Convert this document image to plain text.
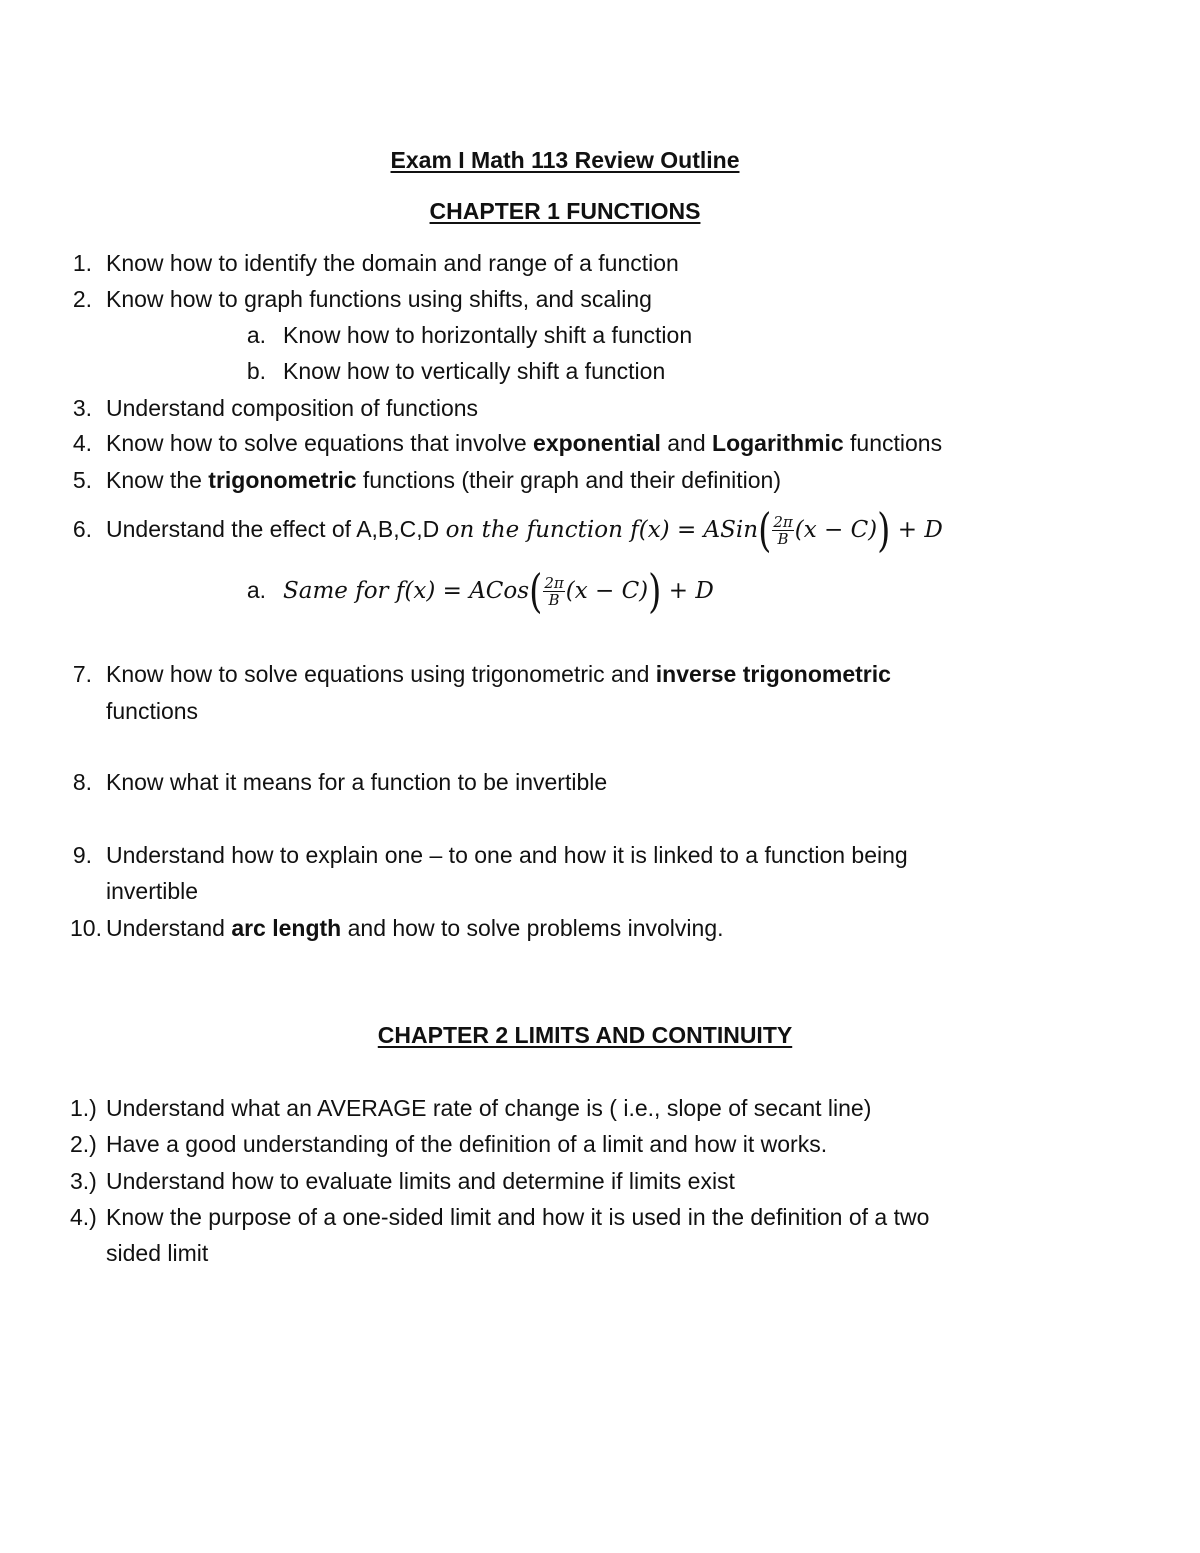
Exam I Math 113 Review Outline
CHAPTER 1 FUNCTIONS
1. Know how to identify the domain and range of a function
2. Know how to graph functions using shifts, and scaling
a. Know how to horizontally shift a function
b. Know how to vertically shift a function
3. Understand composition of functions
4. Know how to solve equations that involve exponential and Logarithmic functions
5. Know the trigonometric functions (their graph and their definition)
6. Understand the effect of A,B,C,D on the function f(x) = ASin( $\frac{2\pi}{B} (x - C)) + D$
a. Same for f(x) = ACos( $\frac{2\pi}{B} (x - C)) + D$
7. Know how to solve equations using trigonometric and inverse trigonometric
functions
8. Know what it means for a function to be invertible
9. Understand how to explain one – to one and how it is linked to a function being
invertible
10. Understand arc length and how to solve problems involving.
CHAPTER 2 LIMITS AND CONTINUITY
1.) Understand what an AVERAGE rate of change is ( i.e., slope of secant line)
2.) Have a good understanding of the definition of a limit and how it works.
3.) Understand how to evaluate limits and determine if limits exist
4.) Know the purpose of a one-sided limit and how it is used in the definition of a two
sided limit
